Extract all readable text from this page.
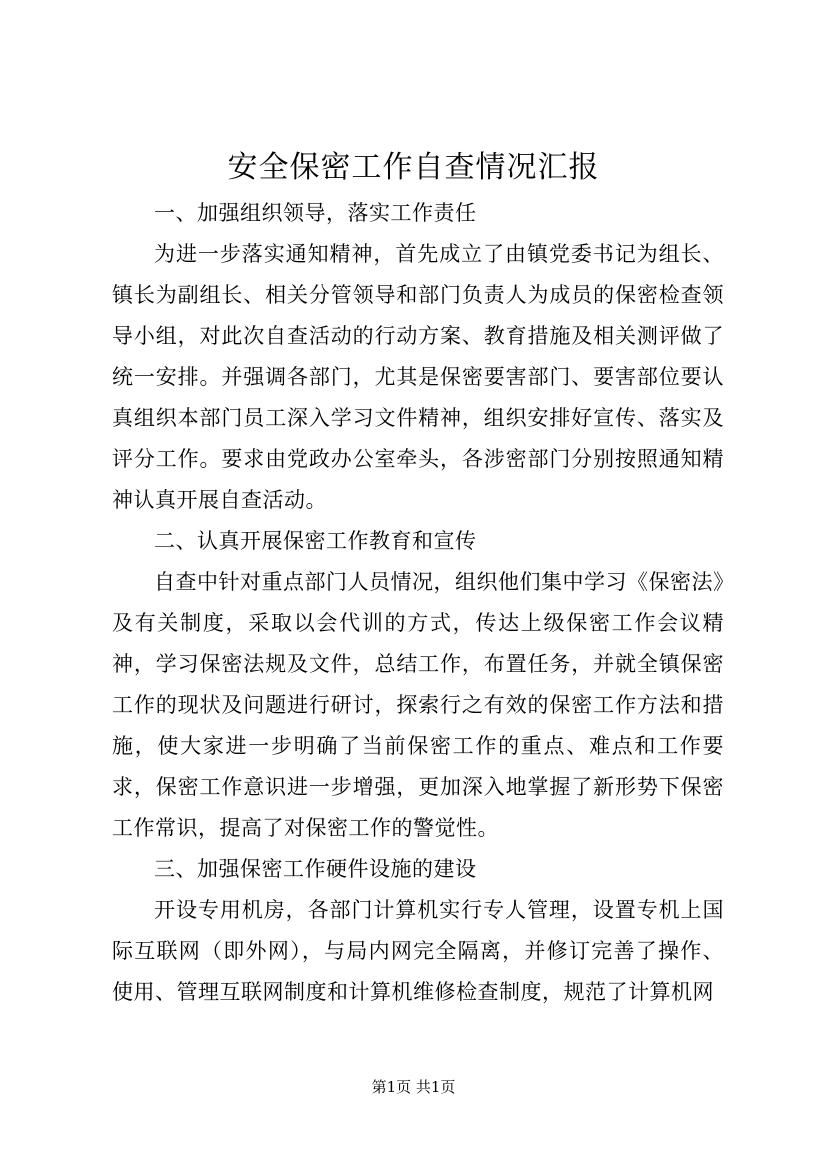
安全保密工作自查情况汇报

一、加强组织领导，落实工作责任

为进一步落实通知精神，首先成立了由镇党委书记为组长、镇长为副组长、相关分管领导和部门负责人为成员的保密检查领导小组，对此次自查活动的行动方案、教育措施及相关测评做了统一安排。并强调各部门，尤其是保密要害部门、要害部位要认真组织本部门员工深入学习文件精神，组织安排好宣传、落实及评分工作。要求由党政办公室牵头，各涉密部门分别按照通知精神认真开展自查活动。

二、认真开展保密工作教育和宣传

自查中针对重点部门人员情况，组织他们集中学习《保密法》及有关制度，采取以会代训的方式，传达上级保密工作会议精神，学习保密法规及文件，总结工作，布置任务，并就全镇保密工作的现状及问题进行研讨，探索行之有效的保密工作方法和措施，使大家进一步明确了当前保密工作的重点、难点和工作要求，保密工作意识进一步增强，更加深入地掌握了新形势下保密工作常识，提高了对保密工作的警觉性。

三、加强保密工作硬件设施的建设

开设专用机房，各部门计算机实行专人管理，设置专机上国际互联网（即外网），与局内网完全隔离，并修订完善了操作、使用、管理互联网制度和计算机维修检查制度，规范了计算机网

第1页 共1页
